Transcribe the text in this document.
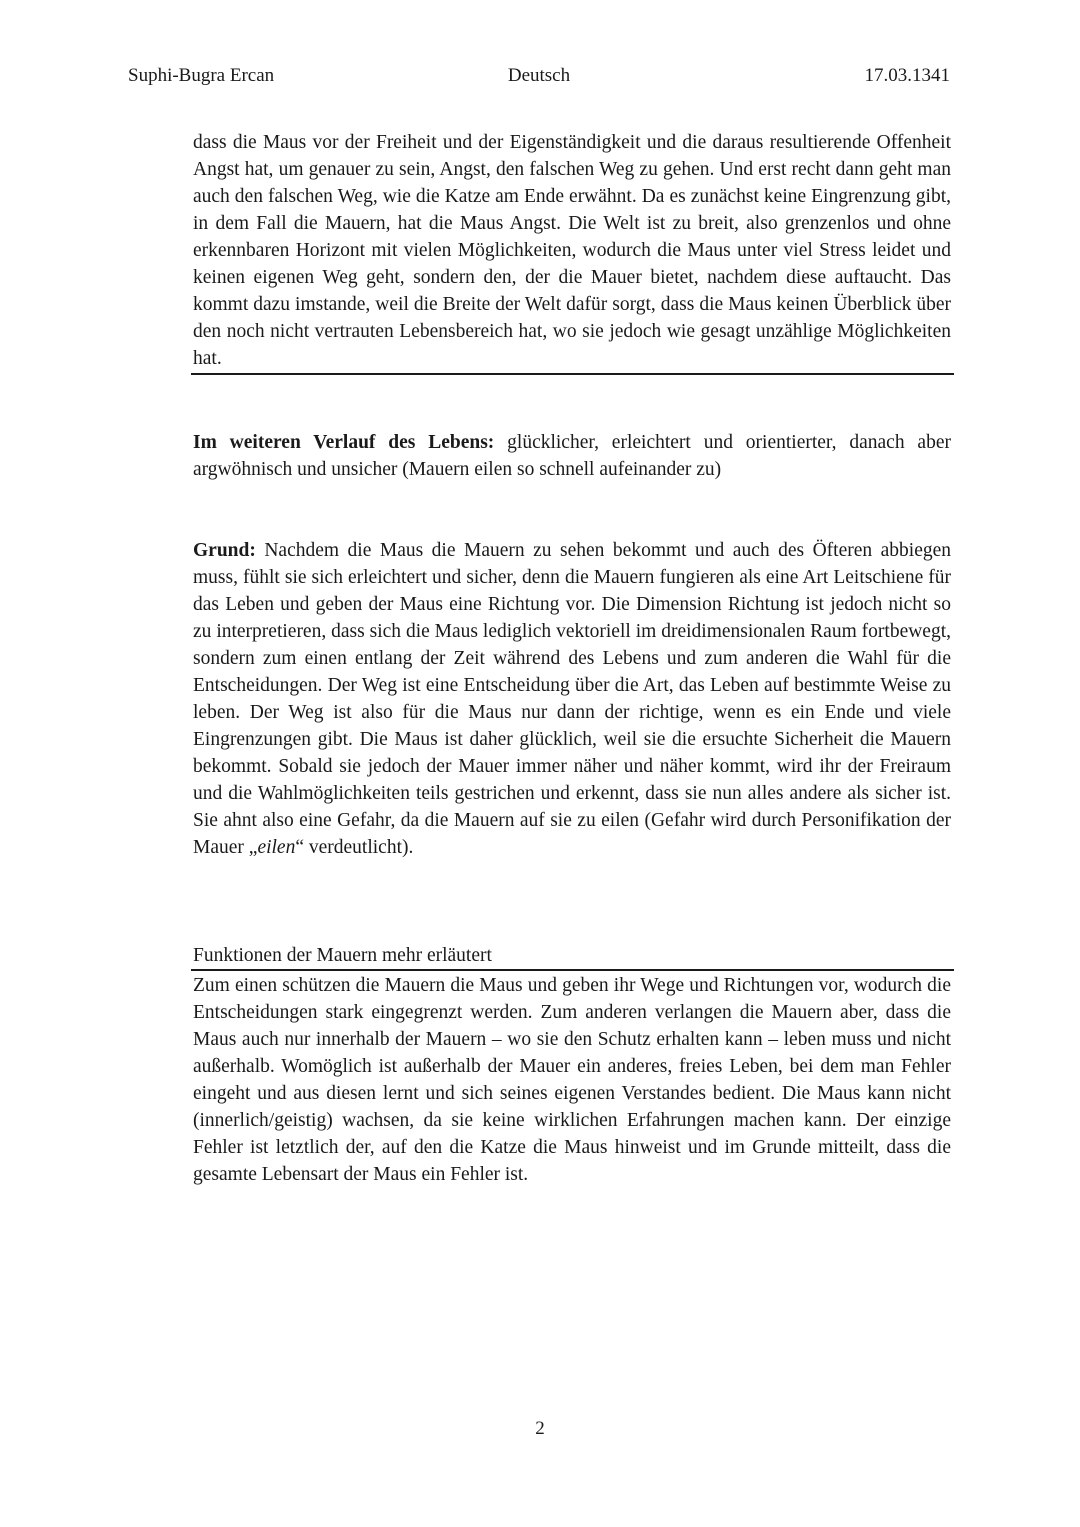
Suphi-Bugra Ercan	Deutsch	17.03.1341

dass die Maus vor der Freiheit und der Eigenständigkeit und die daraus resultierende Offenheit Angst hat, um genauer zu sein, Angst, den falschen Weg zu gehen. Und erst recht dann geht man auch den falschen Weg, wie die Katze am Ende erwähnt. Da es zunächst keine Eingrenzung gibt, in dem Fall die Mauern, hat die Maus Angst. Die Welt ist zu breit, also grenzenlos und ohne erkennbaren Horizont mit vielen Möglichkeiten, wodurch die Maus unter viel Stress leidet und keinen eigenen Weg geht, sondern den, der die Mauer bietet, nachdem diese auftaucht. Das kommt dazu imstande, weil die Breite der Welt dafür sorgt, dass die Maus keinen Überblick über den noch nicht vertrauten Lebensbereich hat, wo sie jedoch wie gesagt unzählige Möglichkeiten hat.

Im weiteren Verlauf des Lebens: glücklicher, erleichtert und orientierter, danach aber argwöhnisch und unsicher (Mauern eilen so schnell aufeinander zu)

Grund: Nachdem die Maus die Mauern zu sehen bekommt und auch des Öfteren abbiegen muss, fühlt sie sich erleichtert und sicher, denn die Mauern fungieren als eine Art Leitschiene für das Leben und geben der Maus eine Richtung vor. Die Dimension Richtung ist jedoch nicht so zu interpretieren, dass sich die Maus lediglich vektoriell im dreidimensionalen Raum fortbewegt, sondern zum einen entlang der Zeit während des Lebens und zum anderen die Wahl für die Entscheidungen. Der Weg ist eine Entscheidung über die Art, das Leben auf bestimmte Weise zu leben. Der Weg ist also für die Maus nur dann der richtige, wenn es ein Ende und viele Eingrenzungen gibt. Die Maus ist daher glücklich, weil sie die ersuchte Sicherheit die Mauern bekommt. Sobald sie jedoch der Mauer immer näher und näher kommt, wird ihr der Freiraum und die Wahlmöglichkeiten teils gestrichen und erkennt, dass sie nun alles andere als sicher ist. Sie ahnt also eine Gefahr, da die Mauern auf sie zu eilen (Gefahr wird durch Personifikation der Mauer „eilen“ verdeutlicht).

Funktionen der Mauern mehr erläutert

Zum einen schützen die Mauern die Maus und geben ihr Wege und Richtungen vor, wodurch die Entscheidungen stark eingegrenzt werden. Zum anderen verlangen die Mauern aber, dass die Maus auch nur innerhalb der Mauern – wo sie den Schutz erhalten kann – leben muss und nicht außerhalb. Womöglich ist außerhalb der Mauer ein anderes, freies Leben, bei dem man Fehler eingeht und aus diesen lernt und sich seines eigenen Verstandes bedient. Die Maus kann nicht (innerlich/geistig) wachsen, da sie keine wirklichen Erfahrungen machen kann. Der einzige Fehler ist letztlich der, auf den die Katze die Maus hinweist und im Grunde mitteilt, dass die gesamte Lebensart der Maus ein Fehler ist.

2
